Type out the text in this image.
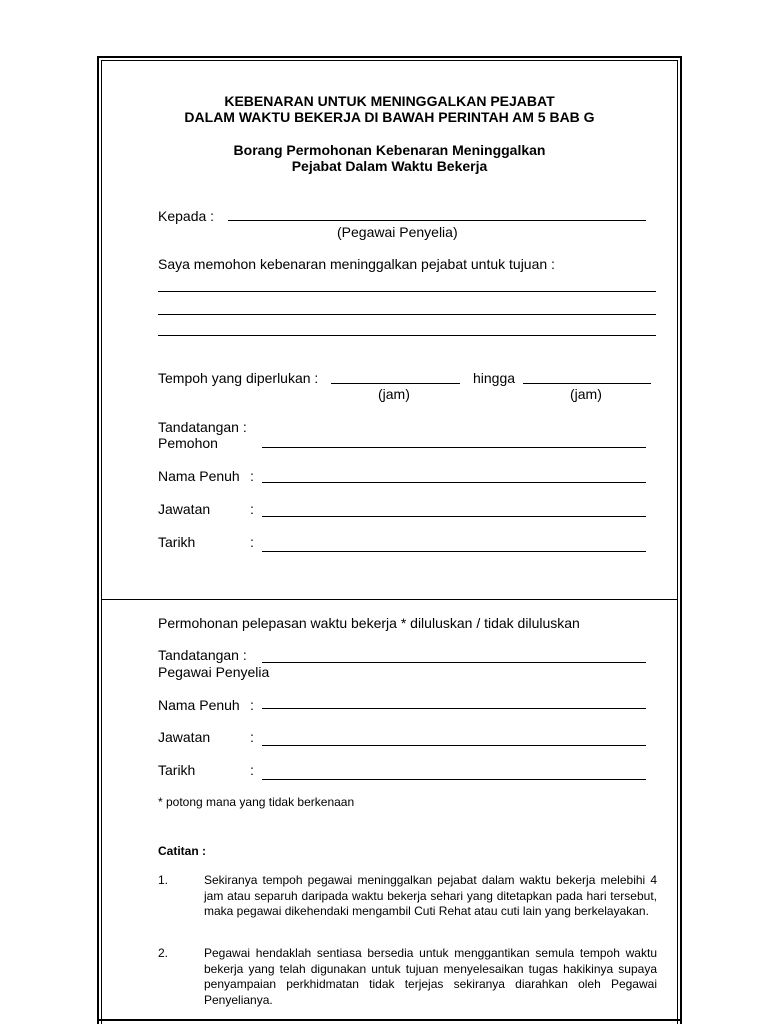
KEBENARAN UNTUK MENINGGALKAN PEJABAT
DALAM WAKTU BEKERJA DI BAWAH PERINTAH AM 5 BAB G
Borang Permohonan Kebenaran Meninggalkan
Pejabat Dalam Waktu Bekerja
Kepada :
(Pegawai Penyelia)
Saya memohon kebenaran meninggalkan pejabat untuk tujuan :
Tempoh yang diperlukan :
(jam)
hingga
(jam)
Tandatangan :
Pemohon
Nama Penuh :
Jawatan	:
Tarikh	:
Permohonan pelepasan waktu bekerja * diluluskan / tidak diluluskan
Tandatangan :
Pegawai Penyelia
Nama Penuh :
Jawatan	:
Tarikh	:
* potong mana yang tidak berkenaan
Catitan :
1.	Sekiranya tempoh pegawai meninggalkan pejabat dalam waktu bekerja melebihi 4 jam atau separuh daripada waktu bekerja sehari yang ditetapkan pada hari tersebut, maka pegawai dikehendaki mengambil Cuti Rehat atau cuti lain yang berkelayakan.
2.	Pegawai hendaklah sentiasa bersedia untuk menggantikan semula tempoh waktu bekerja yang telah digunakan untuk tujuan menyelesaikan tugas hakikinya supaya penyampaian perkhidmatan tidak terjejas sekiranya diarahkan oleh Pegawai Penyelianya.
